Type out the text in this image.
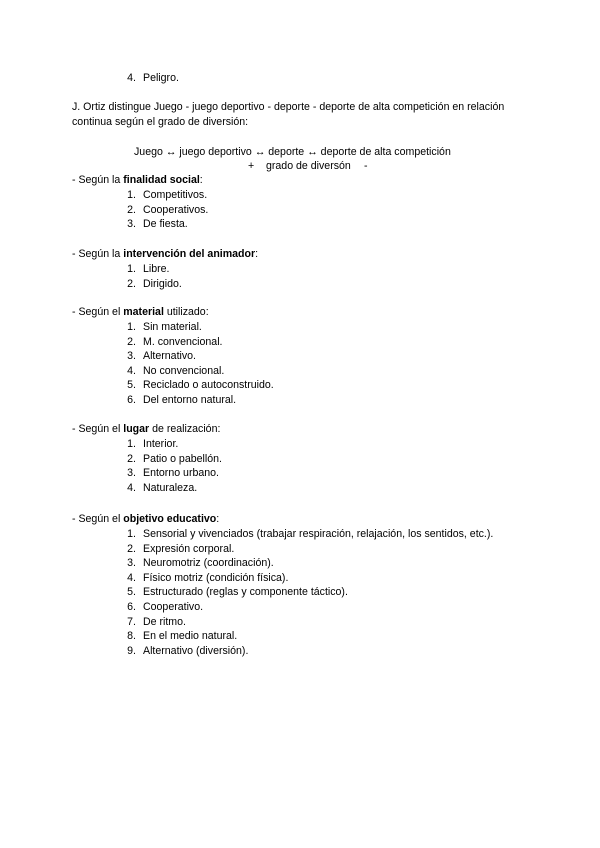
4. Peligro.
J. Ortiz distingue Juego - juego deportivo - deporte - deporte de alta competición en relación
continua según el grado de diversión:
Juego ↔ juego deportivo ↔ deporte ↔ deporte de alta competición
+ grado de diversón -
- Según la finalidad social:
1. Competitivos.
2. Cooperativos.
3. De fiesta.
- Según la intervención del animador:
1. Libre.
2. Dirigido.
- Según el material utilizado:
1. Sin material.
2. M. convencional.
3. Alternativo.
4. No convencional.
5. Reciclado o autoconstruido.
6. Del entorno natural.
- Según el lugar de realización:
1. Interior.
2. Patio o pabellón.
3. Entorno urbano.
4. Naturaleza.
- Según el objetivo educativo:
1. Sensorial y vivenciados (trabajar respiración, relajación, los sentidos, etc.).
2. Expresión corporal.
3. Neuromotriz (coordinación).
4. Físico motriz (condición física).
5. Estructurado (reglas y componente táctico).
6. Cooperativo.
7. De ritmo.
8. En el medio natural.
9. Alternativo (diversión).
